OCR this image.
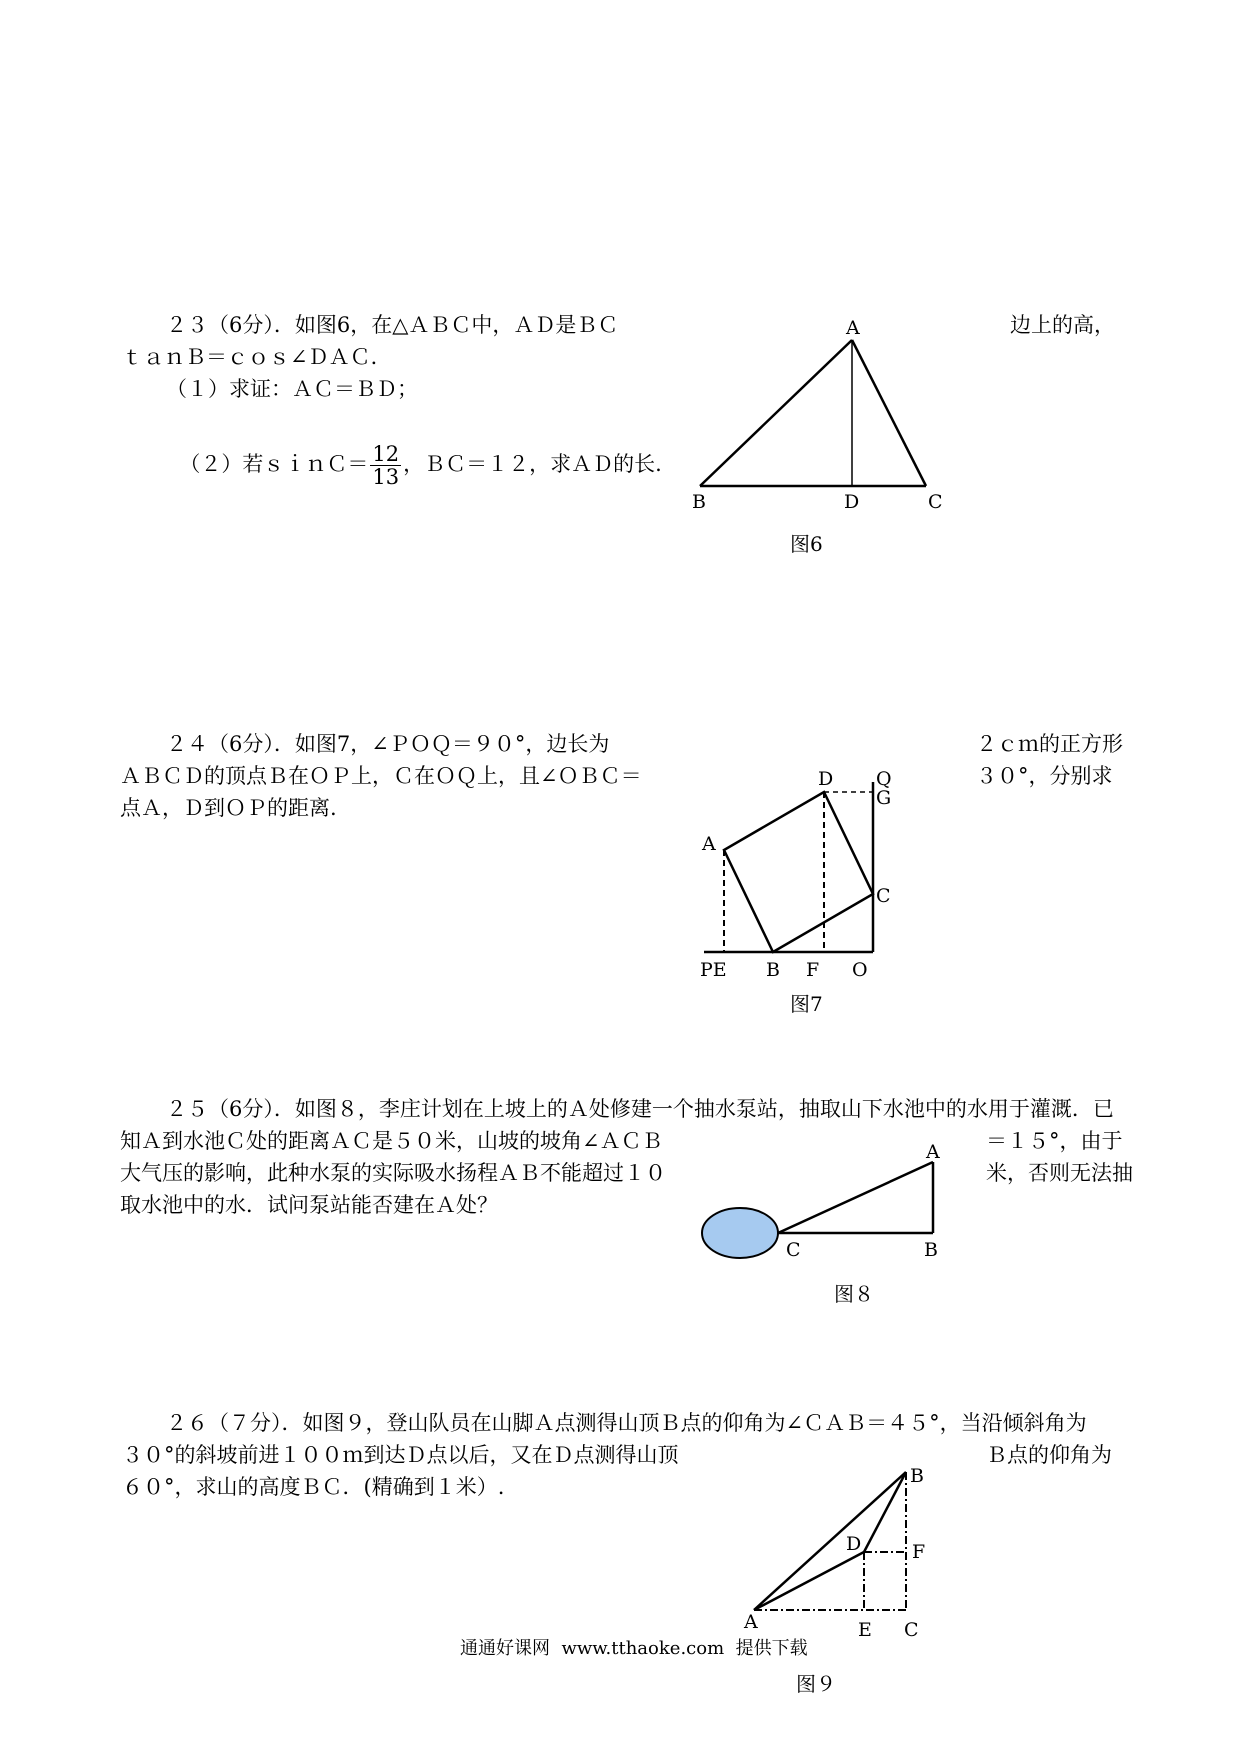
２３（6分）．如图6，在△ＡＢＣ中，ＡＤ是ＢＣ	边上的高，
ｔａｎＢ＝ｃｏｓ∠ＤＡＣ．
（１）求证：ＡＣ＝ＢＤ；

（２）若ｓｉｎＣ＝ $\frac{12}{13}$ ，ＢＣ＝１２，求ＡＤ的长.

A
B	D	C
图6
２４（6分）．如图7，∠ＰＯＱ＝９０°，边长为	２ｃｍ的正方形
ＡＢＣＤ的顶点Ｂ在ＯＰ上，Ｃ在ＯＱ上，且∠ＯＢＣ＝	３０°，分别求
点Ａ，Ｄ到ＯＰ的距离.
D Q
G
A
C
PE B F O
图7
２５（6分）．如图８，李庄计划在上坡上的Ａ处修建一个抽水泵站，抽取山下水池中的水用于灌溉．已
知Ａ到水池Ｃ处的距离ＡＣ是５０米，山坡的坡角∠ＡＣＢ	＝１５°，由于
大气压的影响，此种水泵的实际吸水扬程ＡＢ不能超过１０	米，否则无法抽
取水池中的水．试问泵站能否建在Ａ处？
A
C	B
图８
２６（７分）．如图９，登山队员在山脚Ａ点测得山顶Ｂ点的仰角为∠ＣＡＢ＝４５°，当沿倾斜角为
３０°的斜坡前进１００ｍ到达Ｄ点以后，又在Ｄ点测得山顶	Ｂ点的仰角为
６０°，求山的高度ＢＣ．(精确到１米）.	B
D	F
A	E C
通通好课网  www.tthaoke.com  提供下载
图９
